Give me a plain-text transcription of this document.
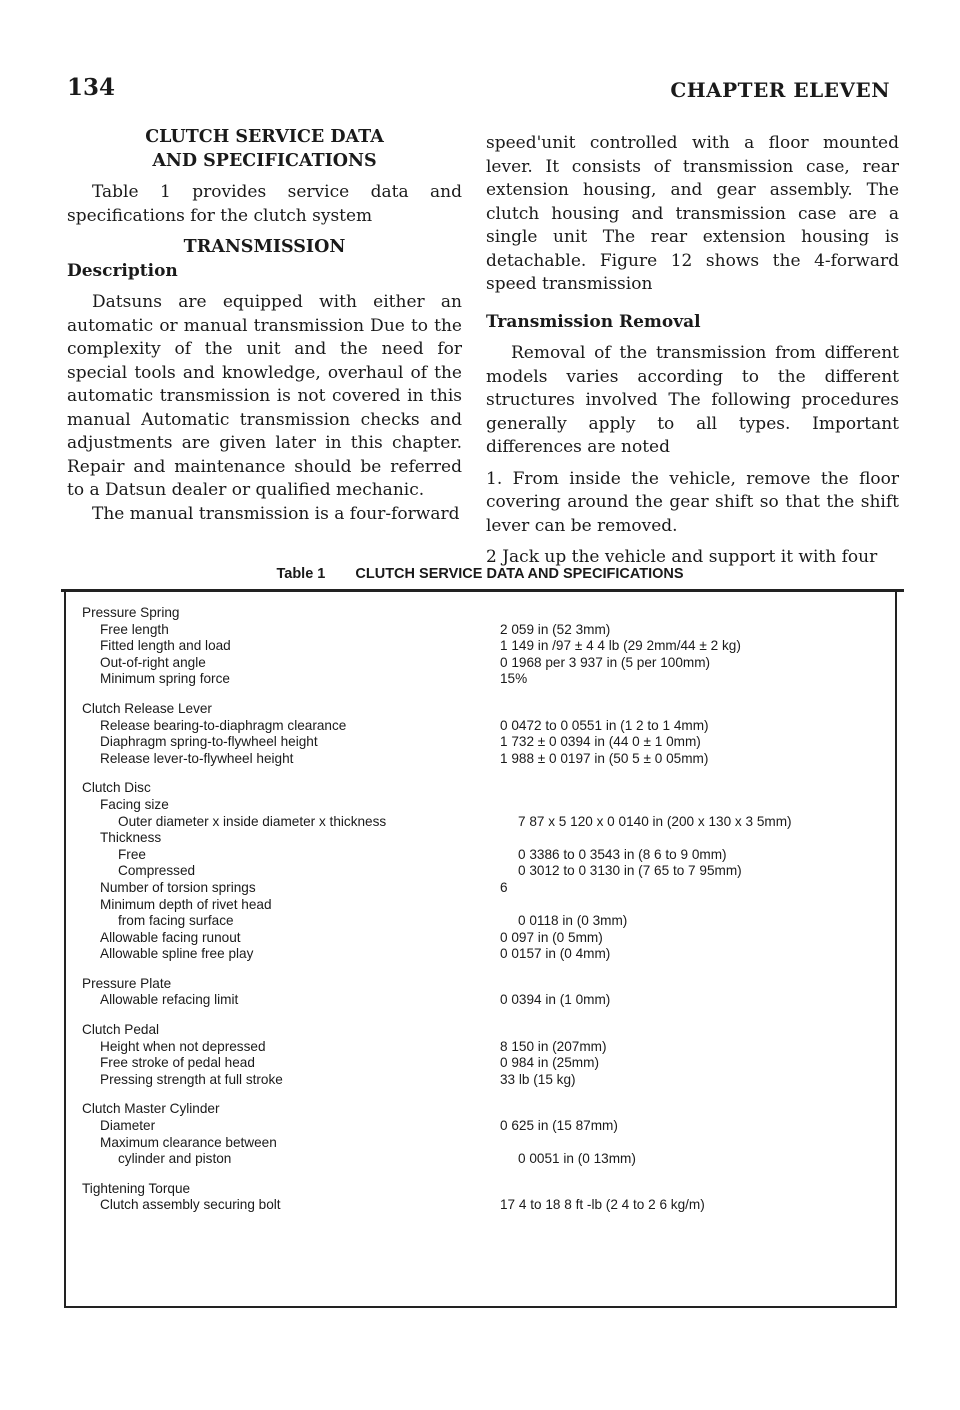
134	CHAPTER ELEVEN

CLUTCH SERVICE DATA

AND SPECIFICATIONS

Table 1 provides service data and specifications for the clutch system

TRANSMISSION

Description

Datsuns are equipped with either an automatic or manual transmission Due to the complexity of the unit and the need for special tools and knowledge, overhaul of the automatic transmission is not covered in this manual Automatic transmission checks and adjustments are given later in this chapter. Repair and maintenance should be referred to a Datsun dealer or qualified mechanic.

The manual transmission is a four-forward

speed'unit controlled with a floor mounted lever. It consists of transmission case, rear extension housing, and gear assembly. The clutch housing and transmission case are a single unit The rear extension housing is detachable. Figure 12 shows the 4-forward speed transmission

Transmission Removal

Removal of the transmission from different models varies according to the different structures involved The following procedures generally apply to all types. Important differences are noted

1. From inside the vehicle, remove the floor covering around the gear shift so that the shift lever can be removed.

2 Jack up the vehicle and support it with four

Table 1 CLUTCH SERVICE DATA AND SPECIFICATIONS
Pressure Spring
Free length	2 059 in (52 3mm)
Fitted length and load	1 149 in /97 ± 4 4 lb (29 2mm/44 ± 2 kg)
Out-of-right angle	0 1968 per 3 937 in (5 per 100mm)
Minimum spring force	15%
Clutch Release Lever
Release bearing-to-diaphragm clearance	0 0472 to 0 0551 in (1 2 to 1 4mm)
Diaphragm spring-to-flywheel height	1 732 ± 0 0394 in (44 0 ± 1 0mm)
Release lever-to-flywheel height	1 988 ± 0 0197 in (50 5 ± 0 05mm)
Clutch Disc
Facing size
Outer diameter x inside diameter x thickness	7 87 x 5 120 x 0 0140 in (200 x 130 x 3 5mm)
Thickness
Free	0 3386 to 0 3543 in (8 6 to 9 0mm)
Compressed	0 3012 to 0 3130 in (7 65 to 7 95mm)
Number of torsion springs	6
Minimum depth of rivet head
from facing surface	0 0118 in (0 3mm)
Allowable facing runout	0 097 in (0 5mm)
Allowable spline free play	0 0157 in (0 4mm)
Pressure Plate
Allowable refacing limit	0 0394 in (1 0mm)
Clutch Pedal
Height when not depressed	8 150 in (207mm)
Free stroke of pedal head	0 984 in (25mm)
Pressing strength at full stroke	33 lb (15 kg)
Clutch Master Cylinder
Diameter	0 625 in (15 87mm)
Maximum clearance between
cylinder and piston	0 0051 in (0 13mm)
Tightening Torque
Clutch assembly securing bolt	17 4 to 18 8 ft -lb (2 4 to 2 6 kg/m)
